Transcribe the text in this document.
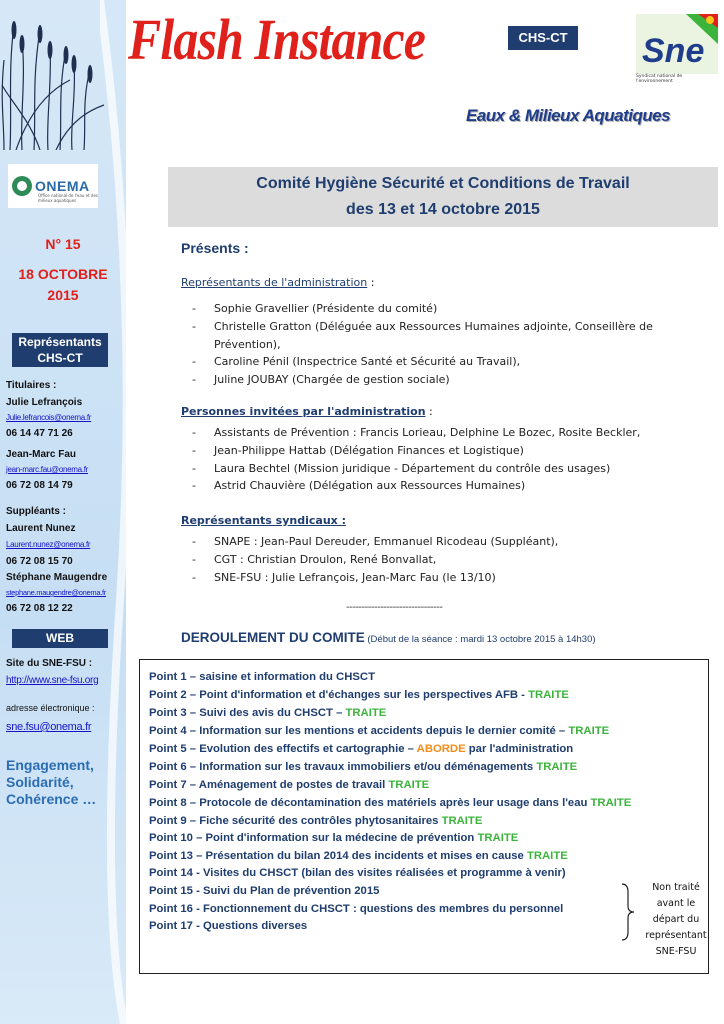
ONEMA
Office national de l'eau et des milieux aquatiques
N° 15
18 OCTOBRE
2015
Représentants
CHS-CT
Titulaires :
Julie Lefrançois
Julie.lefrancois@onema.fr
06 14 47 71 26
Jean-Marc Fau
jean-marc.fau@onema.fr
06 72 08 14 79
Suppléants :
Laurent Nunez
Laurent.nunez@onema.fr
06 72 08 15 70
Stéphane Maugendre
stephane.maugendre@onema.fr
06 72 08 12 22
WEB
Site du SNE-FSU :
http://www.sne-fsu.org
adresse électronique :
sne.fsu@onema.fr
Engagement,
Solidarité,
Cohérence …
Flash Instance	CHS-CT	Sne
Syndicat national de l'environnement
Eaux & Milieux Aquatiques
Comité Hygiène Sécurité et Conditions de Travail
des 13 et 14 octobre 2015
Présents :
Représentants de l'administration :
- Sophie Gravellier (Présidente du comité)
- Christelle Gratton (Déléguée aux Ressources Humaines adjointe, Conseillère de Prévention),
- Caroline Pénil (Inspectrice Santé et Sécurité au Travail),
- Juline JOUBAY (Chargée de gestion sociale)
Personnes invitées par l'administration :
- Assistants de Prévention : Francis Lorieau, Delphine Le Bozec, Rosite Beckler,
- Jean-Philippe Hattab (Délégation Finances et Logistique)
- Laura Bechtel (Mission juridique - Département du contrôle des usages)
- Astrid Chauvière (Délégation aux Ressources Humaines)
Représentants syndicaux :
- SNAPE : Jean-Paul Dereuder, Emmanuel Ricodeau (Suppléant),
- CGT : Christian Droulon, René Bonvallat,
- SNE-FSU : Julie Lefrançois, Jean-Marc Fau (le 13/10)
-------------------------------
DEROULEMENT DU COMITE (Début de la séance : mardi 13 octobre 2015 à 14h30)
Point 1 – saisine et information du CHSCT
Point 2 – Point d'information et d'échanges sur les perspectives AFB - TRAITE
Point 3 – Suivi des avis du CHSCT – TRAITE
Point 4 – Information sur les mentions et accidents depuis le dernier comité – TRAITE
Point 5 – Evolution des effectifs et cartographie – ABORDE par l'administration
Point 6 – Information sur les travaux immobiliers et/ou déménagements TRAITE
Point 7 – Aménagement de postes de travail TRAITE
Point 8 – Protocole de décontamination des matériels après leur usage dans l'eau TRAITE
Point 9 – Fiche sécurité des contrôles phytosanitaires TRAITE
Point 10 – Point d'information sur la médecine de prévention TRAITE
Point 13 – Présentation du bilan 2014 des incidents et mises en cause TRAITE
Point 14 - Visites du CHSCT (bilan des visites réalisées et programme à venir)
Point 15 - Suivi du Plan de prévention 2015
Point 16 - Fonctionnement du CHSCT : questions des membres du personnel
Point 17 - Questions diverses
Non traité
avant le
départ du
représentant
SNE-FSU
